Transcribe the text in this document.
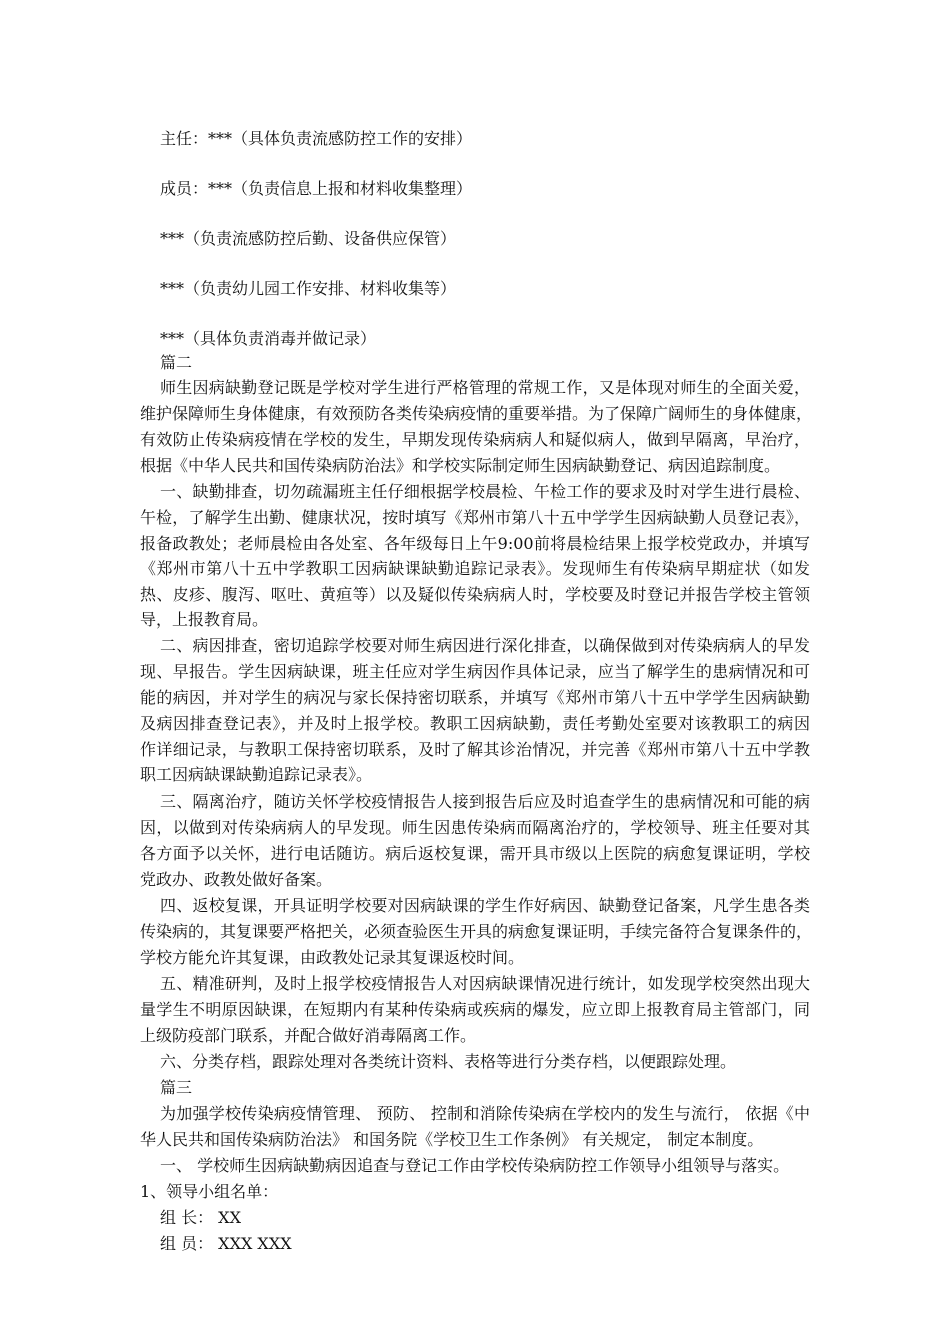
主任：***（具体负责流感防控工作的安排）
成员：***（负责信息上报和材料收集整理）
***（负责流感防控后勤、设备供应保管）
***（负责幼儿园工作安排、材料收集等）
***（具体负责消毒并做记录）
篇二
师生因病缺勤登记既是学校对学生进行严格管理的常规工作，又是体现对师生的全面关爱，
维护保障师生身体健康，有效预防各类传染病疫情的重要举措。为了保障广阔师生的身体健康，
有效防止传染病疫情在学校的发生，早期发现传染病病人和疑似病人，做到早隔离，早治疗，
根据《中华人民共和国传染病防治法》和学校实际制定师生因病缺勤登记、病因追踪制度。
一、缺勤排查，切勿疏漏班主任仔细根据学校晨检、午检工作的要求及时对学生进行晨检、
午检，了解学生出勤、健康状况，按时填写《郑州市第八十五中学学生因病缺勤人员登记表》，
报备政教处；老师晨检由各处室、各年级每日上午9:00前将晨检结果上报学校党政办，并填写
《郑州市第八十五中学教职工因病缺课缺勤追踪记录表》。发现师生有传染病早期症状（如发
热、皮疹、腹泻、呕吐、黄疸等）以及疑似传染病病人时，学校要及时登记并报告学校主管领
导，上报教育局。
二、病因排查，密切追踪学校要对师生病因进行深化排查，以确保做到对传染病病人的早发
现、早报告。学生因病缺课，班主任应对学生病因作具体记录，应当了解学生的患病情况和可
能的病因，并对学生的病况与家长保持密切联系，并填写《郑州市第八十五中学学生因病缺勤
及病因排查登记表》，并及时上报学校。教职工因病缺勤，责任考勤处室要对该教职工的病因
作详细记录，与教职工保持密切联系，及时了解其诊治情况，并完善《郑州市第八十五中学教
职工因病缺课缺勤追踪记录表》。
三、隔离治疗，随访关怀学校疫情报告人接到报告后应及时追查学生的患病情况和可能的病
因，以做到对传染病病人的早发现。师生因患传染病而隔离治疗的，学校领导、班主任要对其
各方面予以关怀，进行电话随访。病后返校复课，需开具市级以上医院的病愈复课证明，学校
党政办、政教处做好备案。
四、返校复课，开具证明学校要对因病缺课的学生作好病因、缺勤登记备案，凡学生患各类
传染病的，其复课要严格把关，必须查验医生开具的病愈复课证明，手续完备符合复课条件的，
学校方能允许其复课，由政教处记录其复课返校时间。
五、精准研判，及时上报学校疫情报告人对因病缺课情况进行统计，如发现学校突然出现大
量学生不明原因缺课，在短期内有某种传染病或疾病的爆发，应立即上报教育局主管部门，同
上级防疫部门联系，并配合做好消毒隔离工作。
六、分类存档，跟踪处理对各类统计资料、表格等进行分类存档，以便跟踪处理。
篇三
为加强学校传染病疫情管理、 预防、 控制和消除传染病在学校内的发生与流行， 依据《中
华人民共和国传染病防治法》 和国务院《学校卫生工作条例》 有关规定， 制定本制度。
一、 学校师生因病缺勤病因追查与登记工作由学校传染病防控工作领导小组领导与落实。
1、领导小组名单：
组 长： XX
组 员： XXX XXX
